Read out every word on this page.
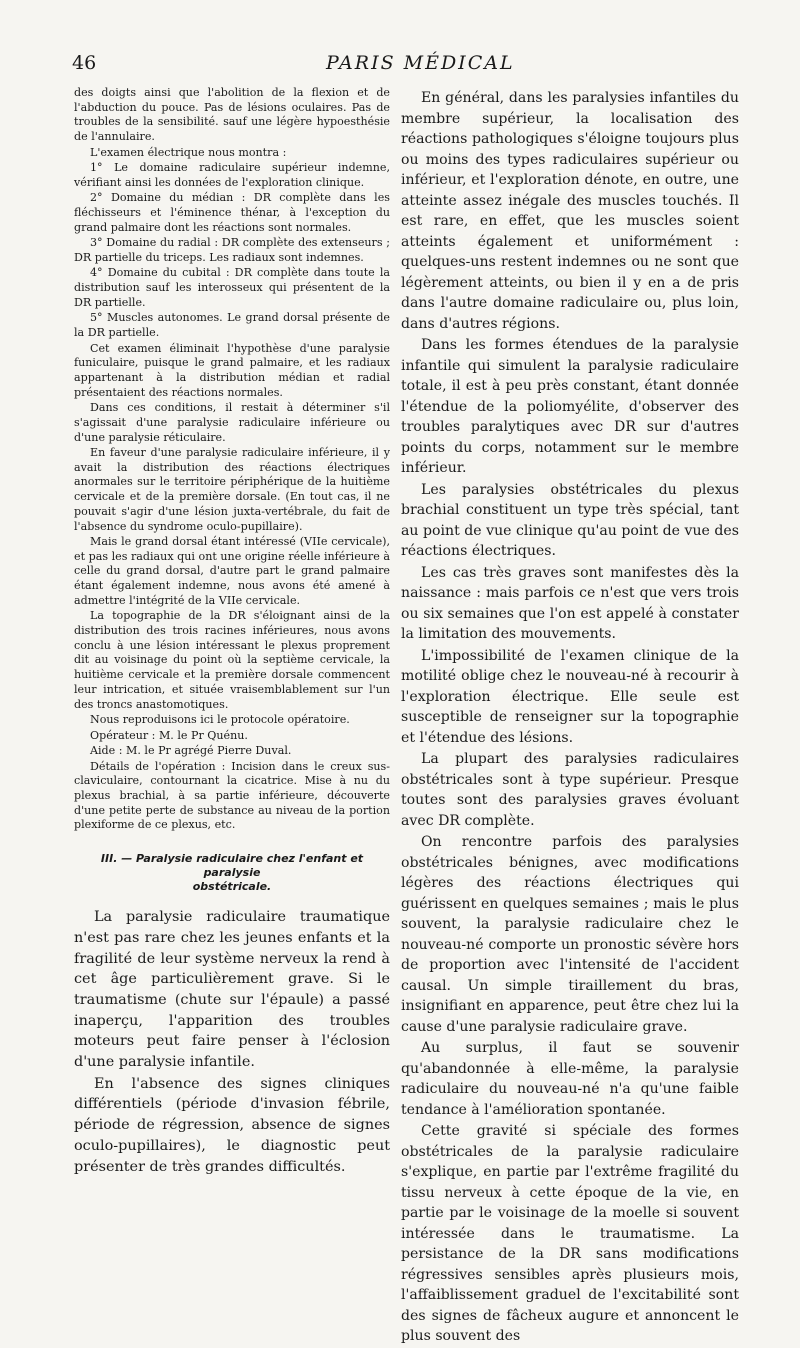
46	PARIS MÉDICAL

des doigts ainsi que l'abolition de la flexion et de l'abduction du pouce. Pas de lésions oculaires. Pas de troubles de la sensibilité. sauf une légère hypoesthésie de l'annulaire.

L'examen électrique nous montra :

1° Le domaine radiculaire supérieur indemne, vérifiant ainsi les données de l'exploration clinique.

2° Domaine du médian : DR complète dans les fléchisseurs et l'éminence thénar, à l'exception du grand palmaire dont les réactions sont normales.

3° Domaine du radial : DR complète des extenseurs ; DR partielle du triceps. Les radiaux sont indemnes.

4° Domaine du cubital : DR complète dans toute la distribution sauf les interosseux qui présentent de la DR partielle.

5° Muscles autonomes. Le grand dorsal présente de la DR partielle.

Cet examen éliminait l'hypothèse d'une paralysie funiculaire, puisque le grand palmaire, et les radiaux appartenant à la distribution médian et radial présentaient des réactions normales.

Dans ces conditions, il restait à déterminer s'il s'agissait d'une paralysie radiculaire inférieure ou d'une paralysie réticulaire.

En faveur d'une paralysie radiculaire inférieure, il y avait la distribution des réactions électriques anormales sur le territoire périphérique de la huitième cervicale et de la première dorsale. (En tout cas, il ne pouvait s'agir d'une lésion juxta-vertébrale, du fait de l'absence du syndrome oculo-pupillaire).

Mais le grand dorsal étant intéressé (VIIe cervicale), et pas les radiaux qui ont une origine réelle inférieure à celle du grand dorsal, d'autre part le grand palmaire étant également indemne, nous avons été amené à admettre l'intégrité de la VIIe cervicale.

La topographie de la DR s'éloignant ainsi de la distribution des trois racines inférieures, nous avons conclu à une lésion intéressant le plexus proprement dit au voisinage du point où la septième cervicale, la huitième cervicale et la première dorsale commencent leur intrication, et située vraisemblablement sur l'un des troncs anastomotiques.

Nous reproduisons ici le protocole opératoire.

Opérateur : M. le Pr Quénu.

Aide : M. le Pr agrégé Pierre Duval.

Détails de l'opération : Incision dans le creux sus-claviculaire, contournant la cicatrice. Mise à nu du plexus brachial, à sa partie inférieure, découverte d'une petite perte de substance au niveau de la portion plexiforme de ce plexus, etc.

III. — Paralysie radiculaire chez l'enfant et paralysie
obstétricale.

La paralysie radiculaire traumatique n'est pas rare chez les jeunes enfants et la fragilité de leur système nerveux la rend à cet âge particulièrement grave. Si le traumatisme (chute sur l'épaule) a passé inaperçu, l'apparition des troubles moteurs peut faire penser à l'éclosion d'une paralysie infantile.

En l'absence des signes cliniques différentiels (période d'invasion fébrile, période de régression, absence de signes oculo-pupillaires), le diagnostic peut présenter de très grandes difficultés.

En général, dans les paralysies infantiles du membre supérieur, la localisation des réactions pathologiques s'éloigne toujours plus ou moins des types radiculaires supérieur ou inférieur, et l'exploration dénote, en outre, une atteinte assez inégale des muscles touchés. Il est rare, en effet, que les muscles soient atteints également et uniformément : quelques-uns restent indemnes ou ne sont que légèrement atteints, ou bien il y en a de pris dans l'autre domaine radiculaire ou, plus loin, dans d'autres régions.

Dans les formes étendues de la paralysie infantile qui simulent la paralysie radiculaire totale, il est à peu près constant, étant donnée l'étendue de la poliomyélite, d'observer des troubles paralytiques avec DR sur d'autres points du corps, notamment sur le membre inférieur.

Les paralysies obstétricales du plexus brachial constituent un type très spécial, tant au point de vue clinique qu'au point de vue des réactions électriques.

Les cas très graves sont manifestes dès la naissance : mais parfois ce n'est que vers trois ou six semaines que l'on est appelé à constater la limitation des mouvements.

L'impossibilité de l'examen clinique de la motilité oblige chez le nouveau-né à recourir à l'exploration électrique. Elle seule est susceptible de renseigner sur la topographie et l'étendue des lésions.

La plupart des paralysies radiculaires obstétricales sont à type supérieur. Presque toutes sont des paralysies graves évoluant avec DR complète.

On rencontre parfois des paralysies obstétricales bénignes, avec modifications légères des réactions électriques qui guérissent en quelques semaines ; mais le plus souvent, la paralysie radiculaire chez le nouveau-né comporte un pronostic sévère hors de proportion avec l'intensité de l'accident causal. Un simple tiraillement du bras, insignifiant en apparence, peut être chez lui la cause d'une paralysie radiculaire grave.

Au surplus, il faut se souvenir qu'abandonnée à elle-même, la paralysie radiculaire du nouveau-né n'a qu'une faible tendance à l'amélioration spontanée.

Cette gravité si spéciale des formes obstétricales de la paralysie radiculaire s'explique, en partie par l'extrême fragilité du tissu nerveux à cette époque de la vie, en partie par le voisinage de la moelle si souvent intéressée dans le traumatisme. La persistance de la DR sans modifications régressives sensibles après plusieurs mois, l'affaiblissement graduel de l'excitabilité sont des signes de fâcheux augure et annoncent le plus souvent des
